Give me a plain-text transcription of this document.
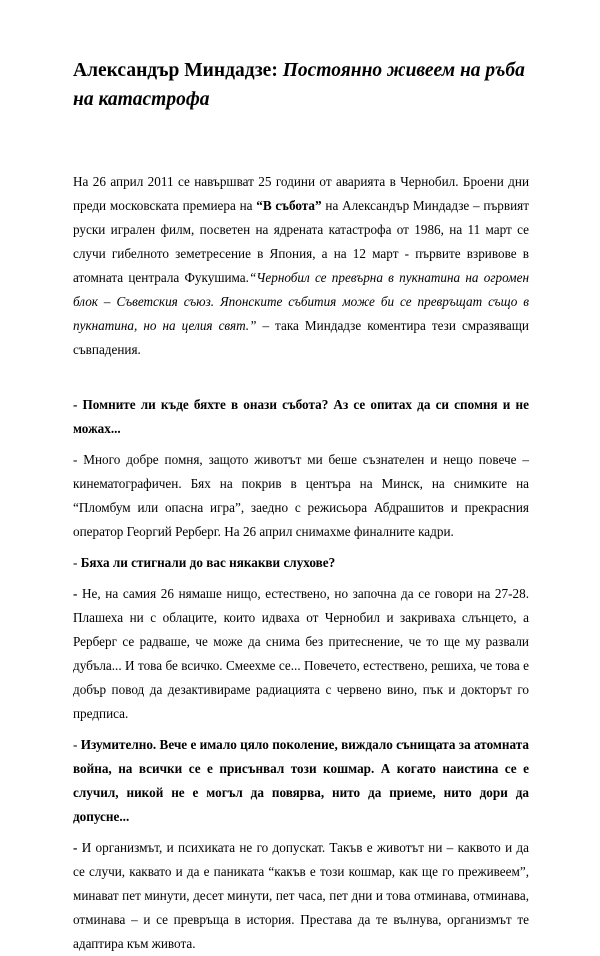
Александър Миндадзе: Постоянно живеем на ръба на катастрофа

На 26 април 2011 се навършват 25 години от аварията в Чернобил. Броени дни преди московската премиера на “В събота” на Александър Миндадзе – първият руски игрален филм, посветен на ядрената катастрофа от 1986, на 11 март се случи гибелното земетресение в Япония, а на 12 март - първите взривове в атомната централа Фукушима.“Чернобил се превърна в пукнатина на огромен блок – Съветския съюз. Японските събития може би се превръщат също в пукнатина, но на целия свят.” – така Миндадзе коментира тези смразяващи съвпадения.

- Помните ли къде бяхте в онази събота? Аз се опитах да си спомня и не можах...

- Много добре помня, защото животът ми беше съзнателен и нещо повече – кинематографичен. Бях на покрив в центъра на Минск, на снимките на “Пломбум или опасна игра”, заедно с режисьора Абдрашитов и прекрасния оператор Георгий Рерберг. На 26 април снимахме финалните кадри.

- Бяха ли стигнали до вас някакви слухове?

- Не, на самия 26 нямаше нищо, естествено, но започна да се говори на 27-28. Плашеха ни с облаците, които идваха от Чернобил и закриваха слънцето, а Рерберг се радваше, че може да снима без притеснение, че то ще му развали дубъла... И това бе всичко. Смеехме се... Повечето, естествено, решиха, че това е добър повод да дезактивираме радиацията с червено вино, пък и докторът го предписа.

- Изумително. Вече е имало цяло поколение, виждало сънищата за атомната война, на всички се е присънвал този кошмар. А когато наистина се е случил, никой не е могъл да повярва, нито да приеме, нито дори да допусне...

- И организмът, и психиката не го допускат. Такъв е животът ни – каквото и да се случи, каквато и да е паниката “какъв е този кошмар, как ще го преживеем”, минават пет минути, десет минути, пет часа, пет дни и това отминава, отминава, отминава – и се превръща в история. Престава да те вълнува, организмът те адаптира към живота.
